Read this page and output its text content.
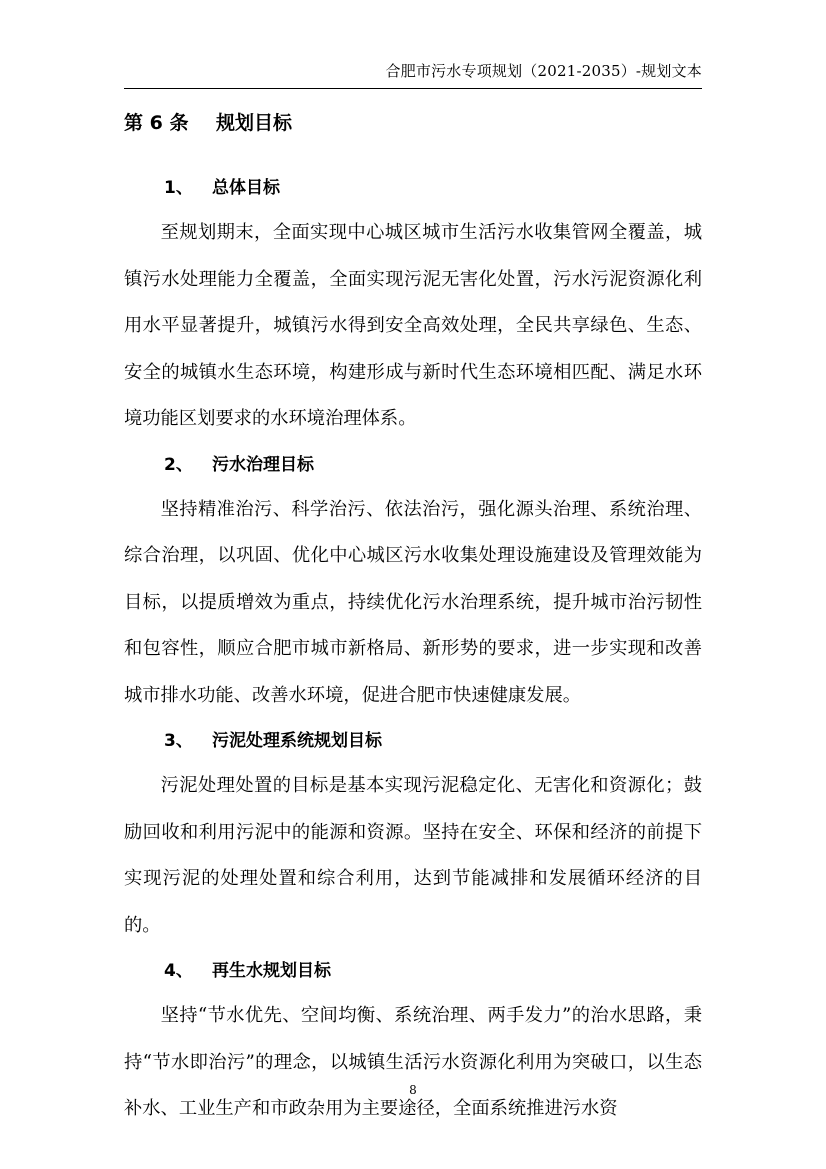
合肥市污水专项规划（2021-2035）-规划文本
第 6 条 规划目标
1、 总体目标

至规划期末，全面实现中心城区城市生活污水收集管网全覆盖，城镇污水处理能力全覆盖，全面实现污泥无害化处置，污水污泥资源化利用水平显著提升，城镇污水得到安全高效处理，全民共享绿色、生态、安全的城镇水生态环境，构建形成与新时代生态环境相匹配、满足水环境功能区划要求的水环境治理体系。

2、 污水治理目标

坚持精准治污、科学治污、依法治污，强化源头治理、系统治理、综合治理，以巩固、优化中心城区污水收集处理设施建设及管理效能为目标，以提质增效为重点，持续优化污水治理系统，提升城市治污韧性和包容性，顺应合肥市城市新格局、新形势的要求，进一步实现和改善城市排水功能、改善水环境，促进合肥市快速健康发展。

3、 污泥处理系统规划目标

污泥处理处置的目标是基本实现污泥稳定化、无害化和资源化；鼓励回收和利用污泥中的能源和资源。坚持在安全、环保和经济的前提下实现污泥的处理处置和综合利用，达到节能减排和发展循环经济的目的。

4、 再生水规划目标

坚持“节水优先、空间均衡、系统治理、两手发力”的治水思路，秉持“节水即治污”的理念，以城镇生活污水资源化利用为突破口，以生态补水、工业生产和市政杂用为主要途径，全面系统推进污水资

8
